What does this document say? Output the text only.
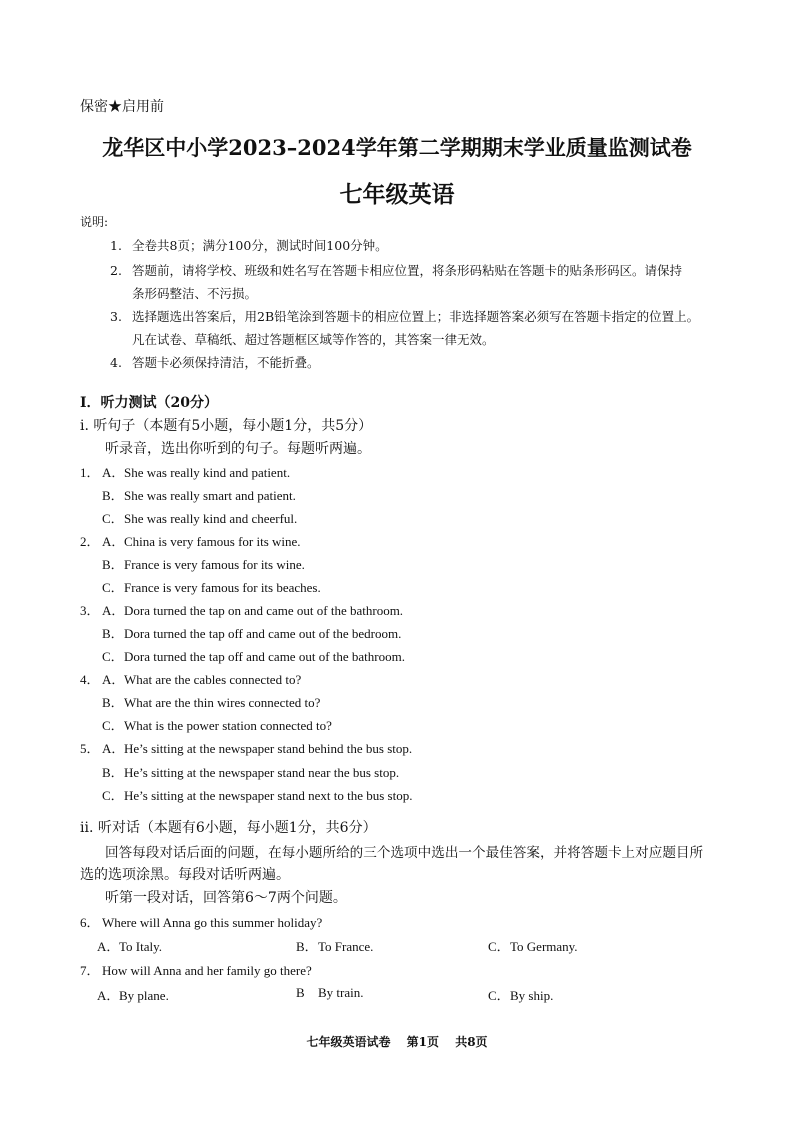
保密★启用前
龙华区中小学2023–2024学年第二学期期末学业质量监测试卷
七年级英语
说明:
1. 全卷共8页；满分100分，测试时间100分钟。
2. 答题前，请将学校、班级和姓名写在答题卡相应位置，将条形码粘贴在答题卡的贴条形码区。请保持
条形码整洁、不污损。
3. 选择题选出答案后，用2B铅笔涂到答题卡的相应位置上；非选择题答案必须写在答题卡指定的位置上。
凡在试卷、草稿纸、超过答题框区域等作答的，其答案一律无效。
4. 答题卡必须保持清洁，不能折叠。
Ⅰ．听力测试（20分）
i. 听句子（本题有5小题，每小题1分，共5分）
听录音，选出你听到的句子。每题听两遍。
1． A．She was really kind and patient.
B．She was really smart and patient.
C．She was really kind and cheerful.
2． A．China is very famous for its wine.
B．France is very famous for its wine.
C．France is very famous for its beaches.
3． A．Dora turned the tap on and came out of the bathroom.
B．Dora turned the tap off and came out of the bedroom.
C．Dora turned the tap off and came out of the bathroom.
4． A．What are the cables connected to?
B．What are the thin wires connected to?
C．What is the power station connected to?
5． A．He’s sitting at the newspaper stand behind the bus stop.
B．He’s sitting at the newspaper stand near the bus stop.
C．He’s sitting at the newspaper stand next to the bus stop.
ii. 听对话（本题有6小题，每小题1分，共6分）
回答每段对话后面的问题，在每小题所给的三个选项中选出一个最佳答案，并将答题卡上对应题目所
选的选项涂黑。每段对话听两遍。
听第一段对话，回答第6～7两个问题。
6． Where will Anna go this summer holiday?
A．To Italy.	B．To France.	C．To Germany.
7． How will Anna and her family go there?
A．By plane.	B By train.	C．By ship.
七年级英语试卷 第1页 共8页
